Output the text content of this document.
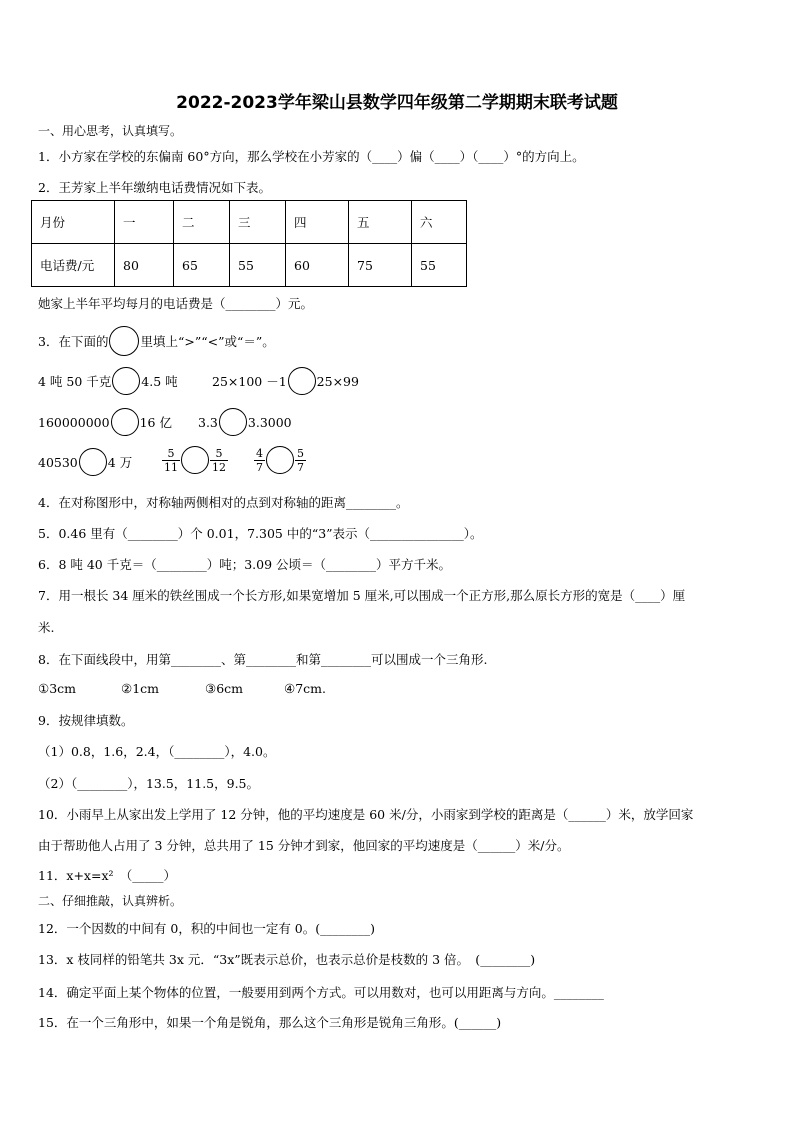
2022-2023学年梁山县数学四年级第二学期期末联考试题
一、用心思考，认真填写。
1．小方家在学校的东偏南 60°方向，那么学校在小芳家的（____）偏（____）（____）°的方向上。
2．王芳家上半年缴纳电话费情况如下表。
月份	一	二	三	四	五	六
电话费/元	80	65	55	60	75	55
她家上半年平均每月的电话费是（________）元。
3．在下面的	里填上“>”“<”或“＝”。
4 吨 50 千克 4.5 吨	25×100 －1 25×99
160000000 16 亿 3.3 3.3000
40530 4 万	$\frac{5}{11}$	$\frac{5}{12} \frac{4}{7}$	$\frac{5}{7}$
4．在对称图形中，对称轴两侧相对的点到对称轴的距离________。
5．0.46 里有（________）个 0.01，7.305 中的“3”表示（_______________）。
6．8 吨 40 千克＝（________）吨；3.09 公顷＝（________）平方千米。
7．用一根长 34 厘米的铁丝围成一个长方形,如果宽增加 5 厘米,可以围成一个正方形,那么原长方形的宽是（____）厘
米.
8．在下面线段中，用第________、第________和第________可以围成一个三角形.
①3cm	②1cm	③6cm	④7cm.
9．按规律填数。
（1）0.8，1.6，2.4，（________），4.0。
（2）（________），13.5，11.5，9.5。
10．小雨早上从家出发上学用了 12 分钟，他的平均速度是 60 米/分，小雨家到学校的距离是（______）米，放学回家
由于帮助他人占用了 3 分钟，总共用了 15 分钟才到家，他回家的平均速度是（______）米/分。
11．x+x=x²　（_____）
二、仔细推敲，认真辨析。
12．一个因数的中间有 0，积的中间也一定有 0。(________)
13．x 枝同样的铅笔共 3x 元．“3x”既表示总价，也表示总价是枝数的 3 倍。　(________)
14．确定平面上某个物体的位置，一般要用到两个方式。可以用数对，也可以用距离与方向。________
15．在一个三角形中，如果一个角是锐角，那么这个三角形是锐角三角形。(______)
